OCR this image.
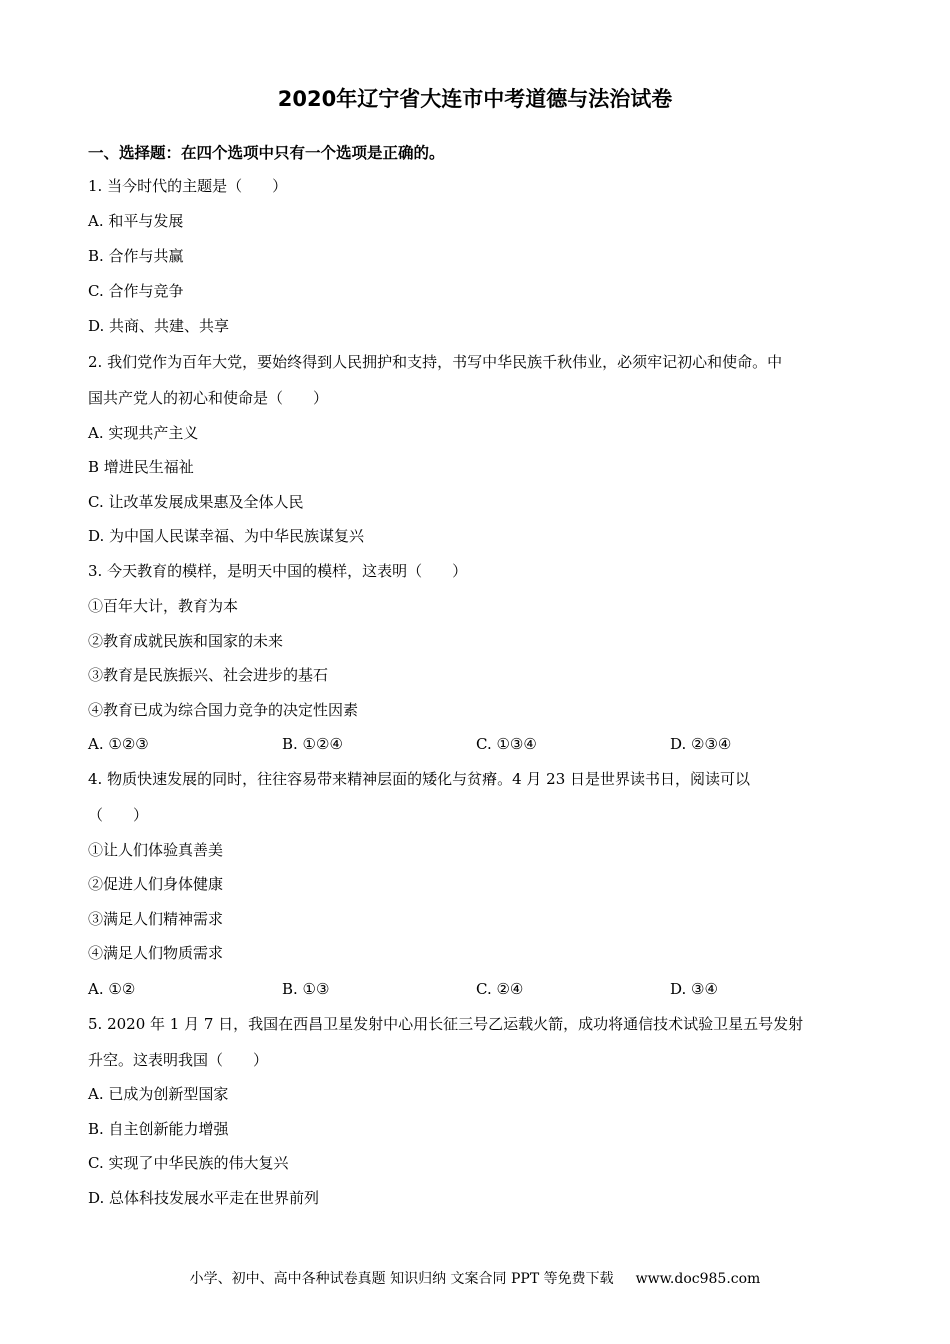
2020年辽宁省大连市中考道德与法治试卷
一、选择题：在四个选项中只有一个选项是正确的。
1. 当今时代的主题是（　　）
A. 和平与发展
B. 合作与共赢
C. 合作与竞争
D. 共商、共建、共享
2. 我们党作为百年大党，要始终得到人民拥护和支持，书写中华民族千秋伟业，必须牢记初心和使命。中
国共产党人的初心和使命是（　　）
A. 实现共产主义
B 增进民生福祉
C. 让改革发展成果惠及全体人民
D. 为中国人民谋幸福、为中华民族谋复兴
3. 今天教育的模样，是明天中国的模样，这表明（　　）
①百年大计，教育为本
②教育成就民族和国家的未来
③教育是民族振兴、社会进步的基石
④教育已成为综合国力竞争的决定性因素
A. ①②③	B. ①②④	C. ①③④	D. ②③④
4. 物质快速发展的同时，往往容易带来精神层面的矮化与贫瘠。4 月 23 日是世界读书日，阅读可以
（　　）
①让人们体验真善美
②促进人们身体健康
③满足人们精神需求
④满足人们物质需求
A. ①②	B. ①③	C. ②④	D. ③④
5. 2020 年 1 月 7 日，我国在西昌卫星发射中心用长征三号乙运载火箭，成功将通信技术试验卫星五号发射
升空。这表明我国（　　）
A. 已成为创新型国家
B. 自主创新能力增强
C. 实现了中华民族的伟大复兴
D. 总体科技发展水平走在世界前列
小学、初中、高中各种试卷真题 知识归纳 文案合同 PPT 等免费下载 www.doc985.com
